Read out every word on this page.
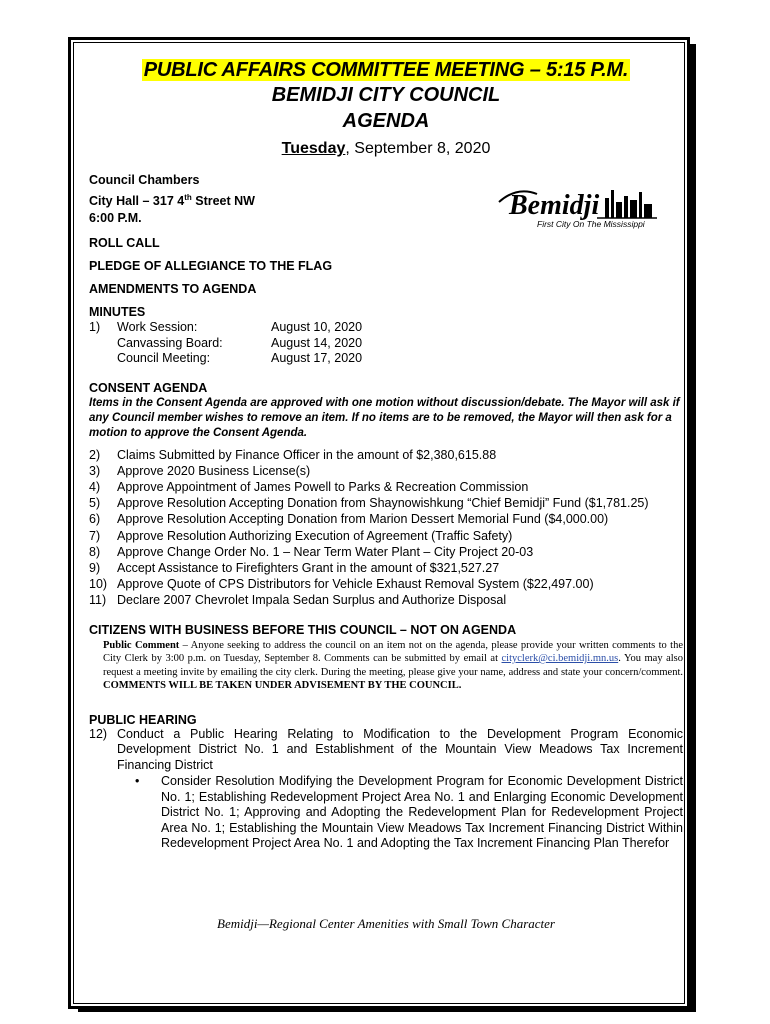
PUBLIC AFFAIRS COMMITTEE MEETING – 5:15 P.M.
BEMIDJI CITY COUNCIL
AGENDA
Tuesday, September 8, 2020
Council Chambers
City Hall – 317 4th Street NW
6:00 P.M.	Bemidji
First City On The Mississippi
ROLL CALL
PLEDGE OF ALLEGIANCE TO THE FLAG
AMENDMENTS TO AGENDA
MINUTES
1)	Work Session:	August 10, 2020
Canvassing Board:	August 14, 2020
Council Meeting:	August 17, 2020
CONSENT AGENDA
Items in the Consent Agenda are approved with one motion without discussion/debate. The Mayor will ask if any Council member wishes to remove an item. If no items are to be removed, the Mayor will then ask for a motion to approve the Consent Agenda.
2)	Claims Submitted by Finance Officer in the amount of $2,380,615.88
3)	Approve 2020 Business License(s)
4)	Approve Appointment of James Powell to Parks & Recreation Commission
5)	Approve Resolution Accepting Donation from Shaynowishkung “Chief Bemidji” Fund ($1,781.25)
6)	Approve Resolution Accepting Donation from Marion Dessert Memorial Fund ($4,000.00)
7)	Approve Resolution Authorizing Execution of Agreement (Traffic Safety)
8)	Approve Change Order No. 1 – Near Term Water Plant – City Project 20-03
9)	Accept Assistance to Firefighters Grant in the amount of $321,527.27
10) Approve Quote of CPS Distributors for Vehicle Exhaust Removal System ($22,497.00)
11) Declare 2007 Chevrolet Impala Sedan Surplus and Authorize Disposal
CITIZENS WITH BUSINESS BEFORE THIS COUNCIL – NOT ON AGENDA
Public Comment – Anyone seeking to address the council on an item not on the agenda, please provide your written comments to the City Clerk by 3:00 p.m. on Tuesday, September 8. Comments can be submitted by email at cityclerk@ci.bemidji.mn.us. You may also request a meeting invite by emailing the city clerk. During the meeting, please give your name, address and state your concern/comment. COMMENTS WILL BE TAKEN UNDER ADVISEMENT BY THE COUNCIL.
PUBLIC HEARING
12) Conduct a Public Hearing Relating to Modification to the Development Program Economic Development District No. 1 and Establishment of the Mountain View Meadows Tax Increment Financing District
•	Consider Resolution Modifying the Development Program for Economic Development District No. 1; Establishing Redevelopment Project Area No. 1 and Enlarging Economic Development District No. 1; Approving and Adopting the Redevelopment Plan for Redevelopment Project Area No. 1; Establishing the Mountain View Meadows Tax Increment Financing District Within Redevelopment Project Area No. 1 and Adopting the Tax Increment Financing Plan Therefor
Bemidji—Regional Center Amenities with Small Town Character
